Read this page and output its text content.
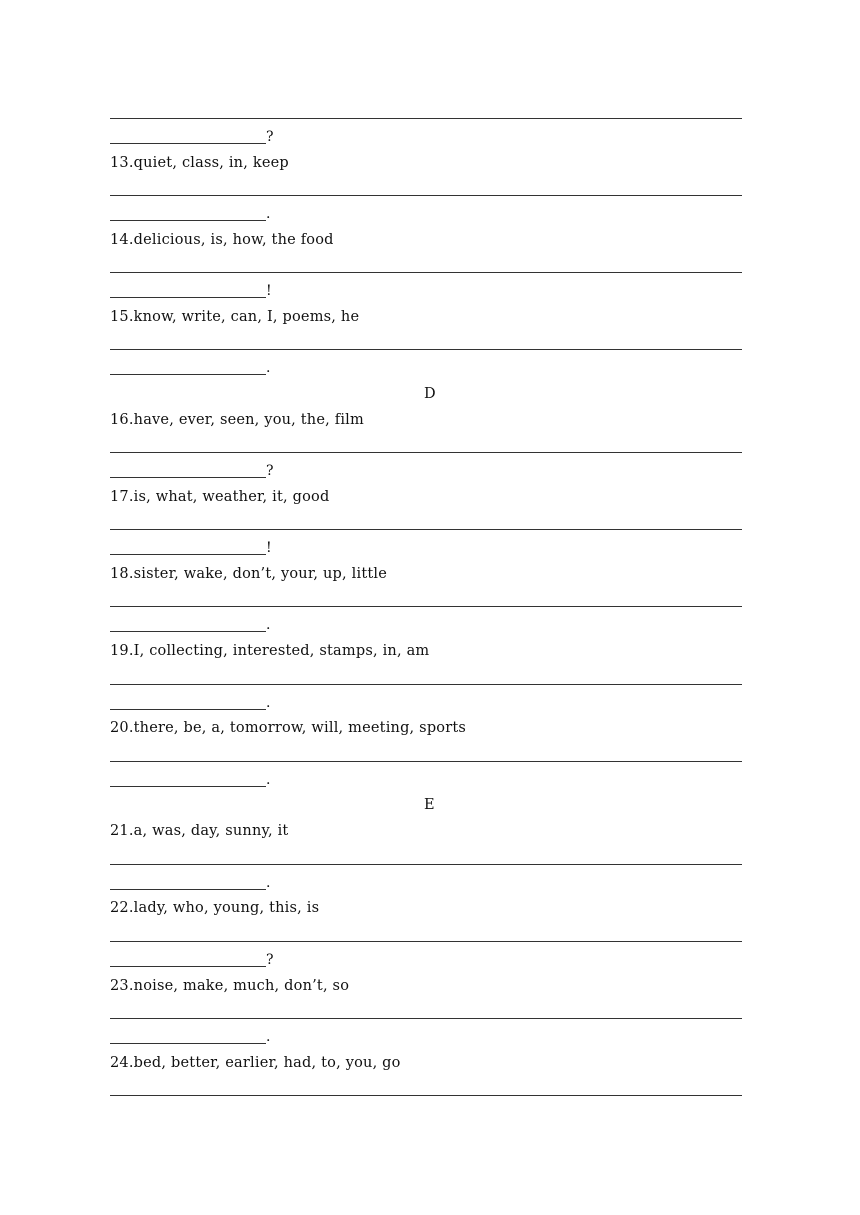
?
13.quiet, class, in, keep
.
14.delicious, is, how, the food
!
15.know, write, can, I, poems, he
.
D
16.have, ever, seen, you, the, film
?
17.is, what, weather, it, good
!
18.sister, wake, don’t, your, up, little
.
19.I, collecting, interested, stamps, in, am
.
20.there, be, a, tomorrow, will, meeting, sports
.
E
21.a, was, day, sunny, it
.
22.lady, who, young, this, is
?
23.noise, make, much, don’t, so
.
24.bed, better, earlier, had, to, you, go
